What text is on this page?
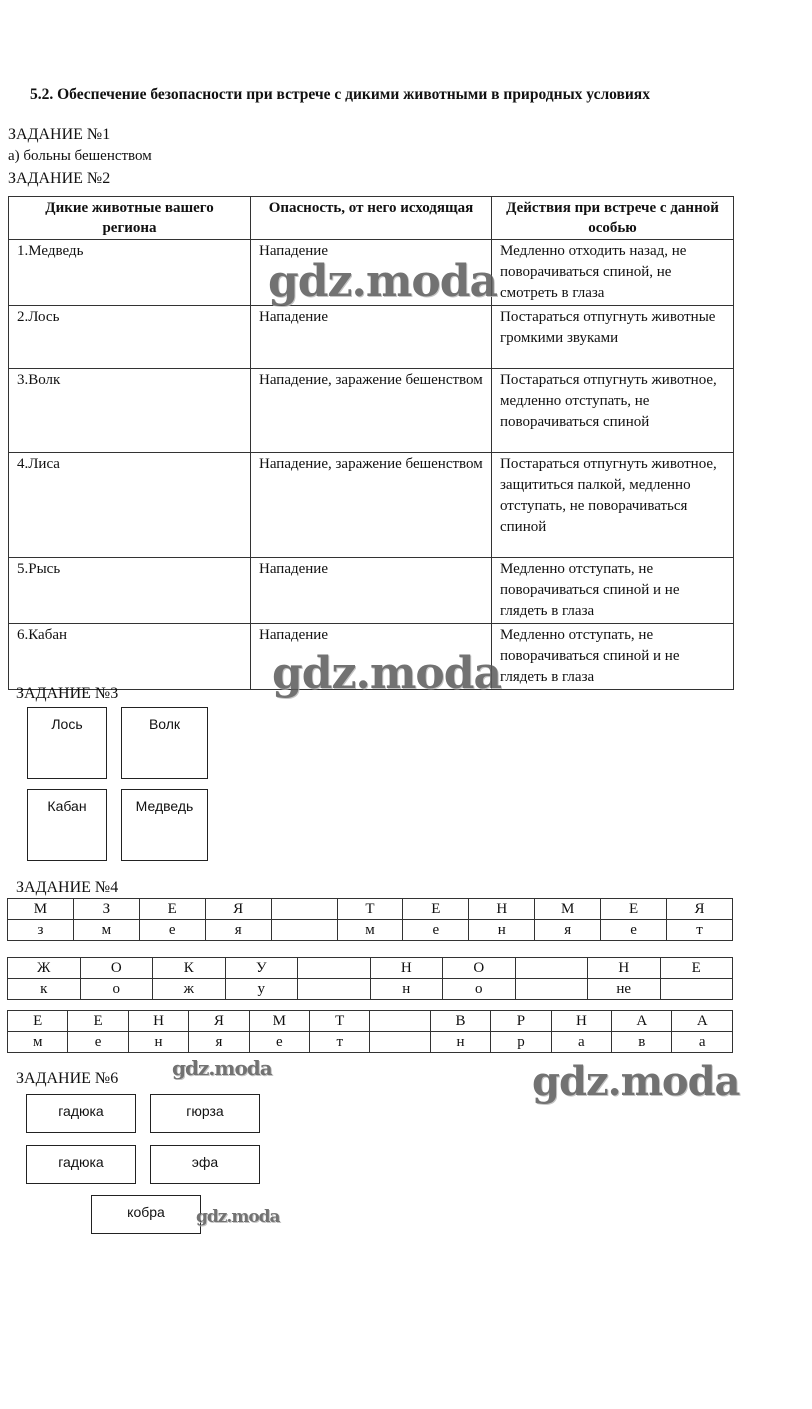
5.2. Обеспечение безопасности при встрече с дикими животными в природных условиях
ЗАДАНИЕ №1
а) больны бешенством
ЗАДАНИЕ №2
Дикие животные вашего региона	Опасность, от него исходящая	Действия при встрече с данной особью
1.Медведь	Нападение	Медленно отходить назад, не поворачиваться спиной, не смотреть в глаза
2.Лось	Нападение	Постараться отпугнуть животные громкими звуками
3.Волк	Нападение, заражение бешенством	Постараться отпугнуть животное, медленно отступать, не поворачиваться спиной
4.Лиса	Нападение, заражение бешенством	Постараться отпугнуть животное, защититься палкой, медленно отступать, не поворачиваться спиной
5.Рысь	Нападение	Медленно отступать, не поворачиваться спиной и не глядеть в глаза
6.Кабан	Нападение	Медленно отступать, не поворачиваться спиной и не глядеть в глаза
ЗАДАНИЕ №3
Лось	Волк
Кабан	Медведь
ЗАДАНИЕ №4
М	З	Е	Я		Т	Е	Н	М	Е	Я
з	м	е	я		м	е	н	я	е	т
Ж	О	К	У		Н	О		Н	Е
к	о	ж	у		н	о		не	
Е	Е	Н	Я	М	Т		В	Р	Н	А	А
м	е	н	я	е	т		н	р	а	в	а
ЗАДАНИЕ №6
гадюка	гюрза
гадюка	эфа
кобра
gdz.moda
gdz.moda
gdz.moda	gdz.moda
gdz.moda
